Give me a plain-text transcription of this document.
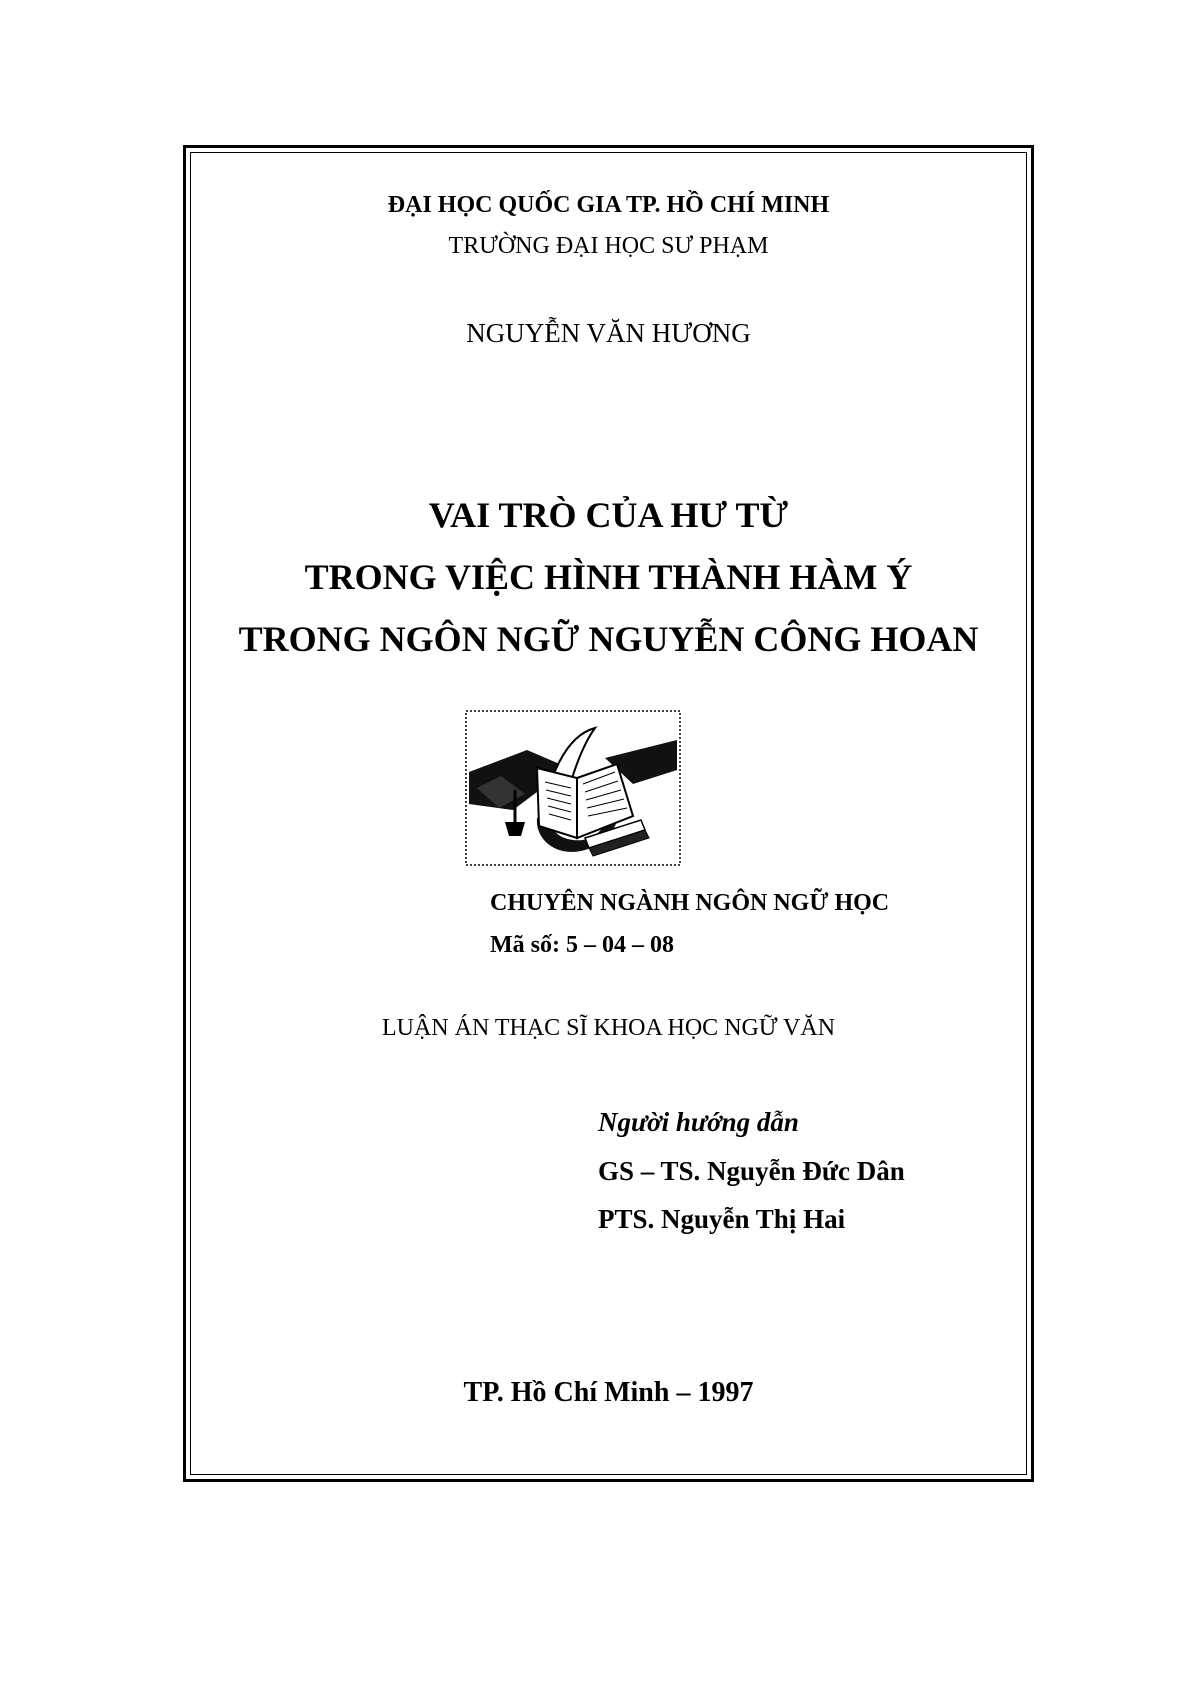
ĐẠI HỌC QUỐC GIA TP. HỒ CHÍ MINH
TRƯỜNG ĐẠI HỌC SƯ PHẠM
NGUYỄN VĂN HƯƠNG
VAI TRÒ CỦA HƯ TỪ
TRONG VIỆC HÌNH THÀNH HÀM Ý
TRONG NGÔN NGỮ NGUYỄN CÔNG HOAN
CHUYÊN NGÀNH NGÔN NGỮ HỌC
Mã số: 5 – 04 – 08
LUẬN ÁN THẠC SĨ KHOA HỌC NGỮ VĂN
Người hướng dẫn
GS – TS. Nguyễn Đức Dân
PTS. Nguyễn Thị Hai
TP. Hồ Chí Minh – 1997
